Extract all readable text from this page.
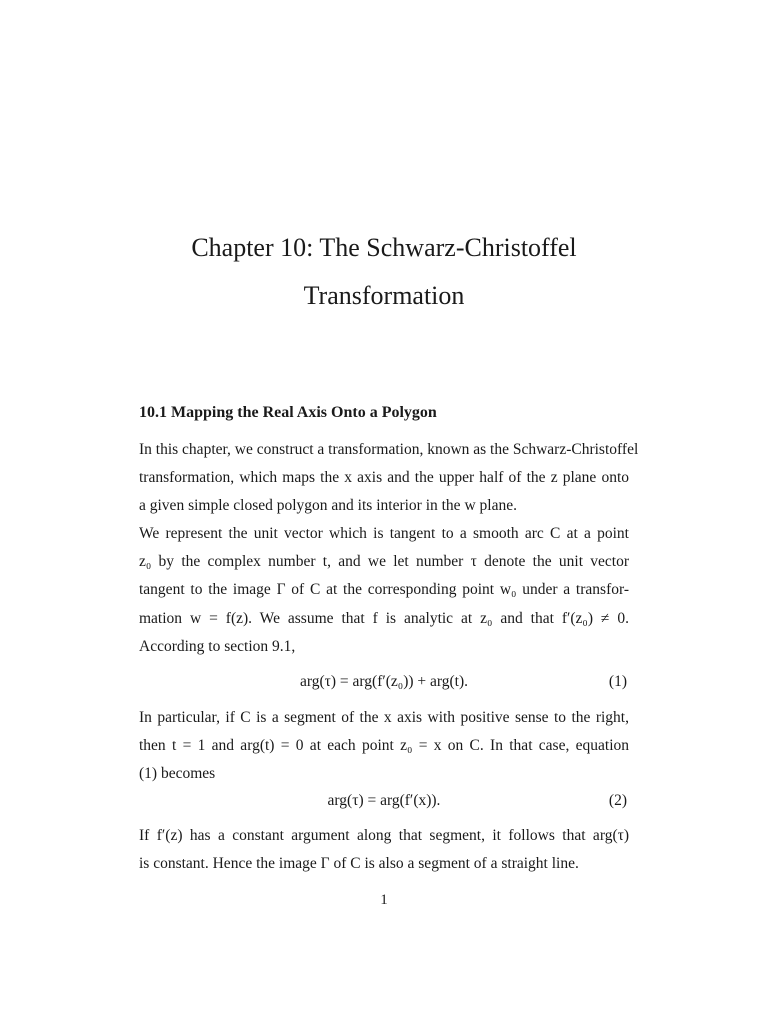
Chapter 10: The Schwarz-Christoffel
Transformation
10.1 Mapping the Real Axis Onto a Polygon
In this chapter, we construct a transformation, known as the Schwarz-Christoffel
transformation, which maps the x axis and the upper half of the z plane onto
a given simple closed polygon and its interior in the w plane.
We represent the unit vector which is tangent to a smooth arc C at a point
z₀ by the complex number t, and we let number τ denote the unit vector
tangent to the image Γ of C at the corresponding point w₀ under a transfor-
mation w = f(z). We assume that f is analytic at z₀ and that f′(z₀) ≠ 0.
According to section 9.1,
arg(τ) = arg(f′(z₀)) + arg(t).	(1)
In particular, if C is a segment of the x axis with positive sense to the right,
then t = 1 and arg(t) = 0 at each point z₀ = x on C. In that case, equation
(1) becomes
arg(τ) = arg(f′(x)).	(2)
If f′(z) has a constant argument along that segment, it follows that arg(τ)
is constant. Hence the image Γ of C is also a segment of a straight line.
1
